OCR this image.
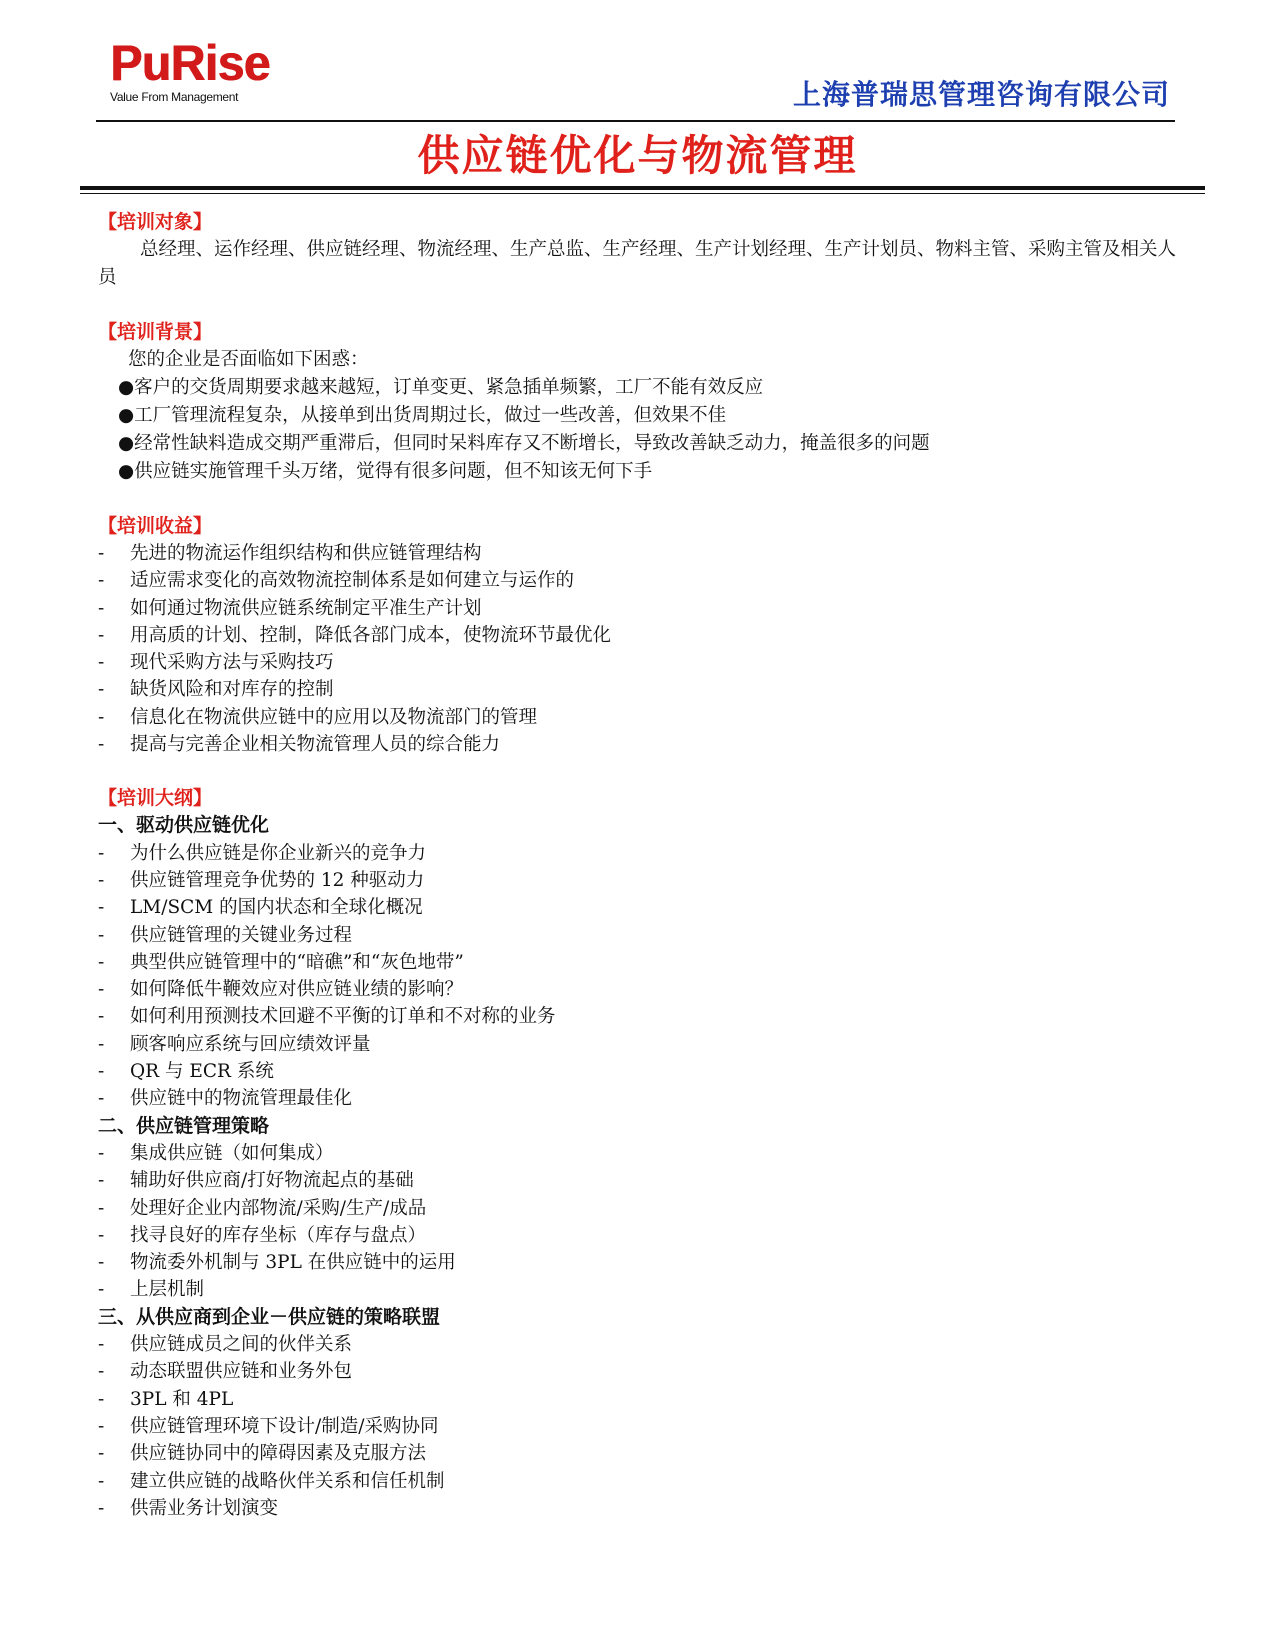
PuRise
Value From Management	上海普瑞思管理咨询有限公司
供应链优化与物流管理

【培训对象】

总经理、运作经理、供应链经理、物流经理、生产总监、生产经理、生产计划经理、生产计划员、物料主管、采购主管及相关人员

【培训背景】

您的企业是否面临如下困惑：

●客户的交货周期要求越来越短，订单变更、紧急插单频繁，工厂不能有效反应

●工厂管理流程复杂，从接单到出货周期过长，做过一些改善，但效果不佳

●经常性缺料造成交期严重滞后，但同时呆料库存又不断增长，导致改善缺乏动力，掩盖很多的问题

●供应链实施管理千头万绪，觉得有很多问题，但不知该无何下手

【培训收益】

- 先进的物流运作组织结构和供应链管理结构

- 适应需求变化的高效物流控制体系是如何建立与运作的

- 如何通过物流供应链系统制定平准生产计划

- 用高质的计划、控制，降低各部门成本，使物流环节最优化

- 现代采购方法与采购技巧

- 缺货风险和对库存的控制

- 信息化在物流供应链中的应用以及物流部门的管理

- 提高与完善企业相关物流管理人员的综合能力

【培训大纲】

一、驱动供应链优化

- 为什么供应链是你企业新兴的竞争力

- 供应链管理竞争优势的 12 种驱动力

- LM/SCM 的国内状态和全球化概况

- 供应链管理的关键业务过程

- 典型供应链管理中的“暗礁”和“灰色地带”

- 如何降低牛鞭效应对供应链业绩的影响？

- 如何利用预测技术回避不平衡的订单和不对称的业务

- 顾客响应系统与回应绩效评量

- QR 与 ECR 系统

- 供应链中的物流管理最佳化

二、供应链管理策略

- 集成供应链（如何集成）

- 辅助好供应商/打好物流起点的基础

- 处理好企业内部物流/采购/生产/成品

- 找寻良好的库存坐标（库存与盘点）

- 物流委外机制与 3PL 在供应链中的运用

- 上层机制

三、从供应商到企业－供应链的策略联盟

- 供应链成员之间的伙伴关系

- 动态联盟供应链和业务外包

- 3PL 和 4PL

- 供应链管理环境下设计/制造/采购协同

- 供应链协同中的障碍因素及克服方法

- 建立供应链的战略伙伴关系和信任机制

- 供需业务计划演变
